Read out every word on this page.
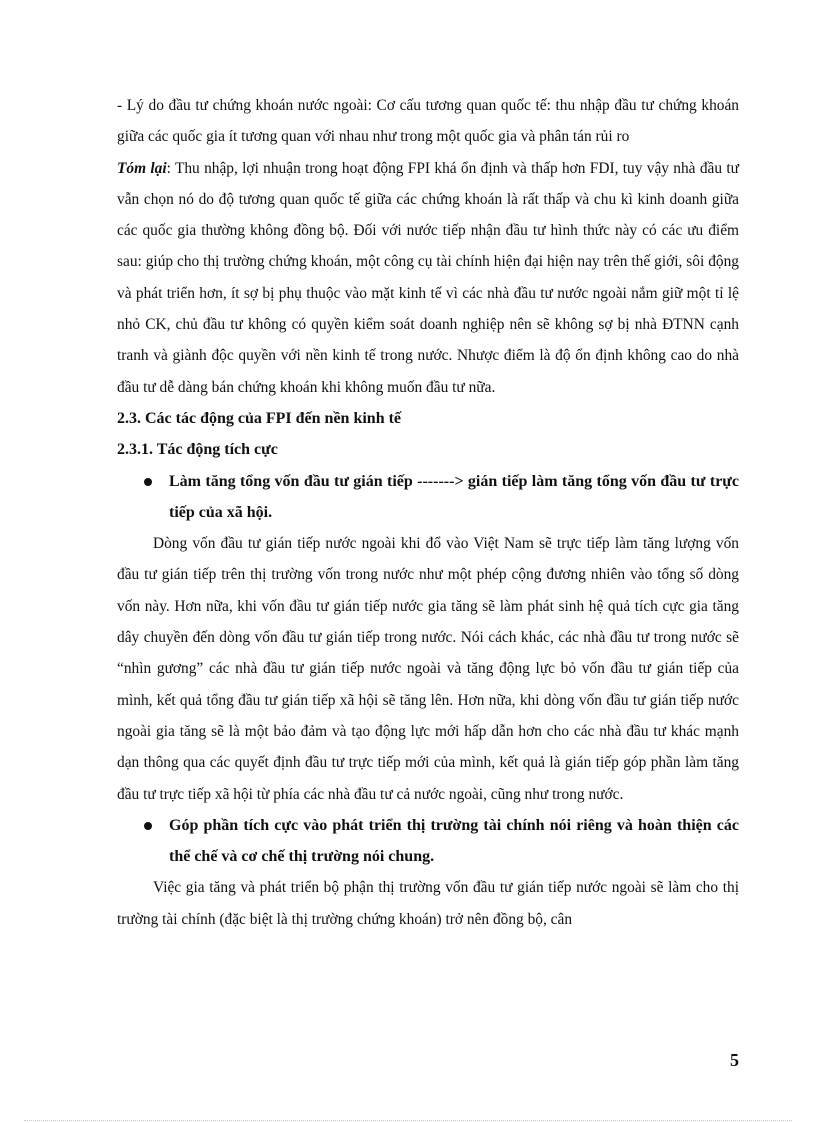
- Lý do đầu tư chứng khoán nước ngoài: Cơ cấu tương quan quốc tế: thu nhập đầu tư chứng khoán giữa các quốc gia ít tương quan với nhau như trong một quốc gia và phân tán rủi ro

Tóm lại: Thu nhập, lợi nhuận trong hoạt động FPI khá ổn định và thấp hơn FDI, tuy vậy nhà đầu tư vẫn chọn nó do độ tương quan quốc tế giữa các chứng khoán là rất thấp và chu kì kinh doanh giữa các quốc gia thường không đồng bộ. Đối với nước tiếp nhận đầu tư hình thức này có các ưu điểm sau: giúp cho thị trường chứng khoán, một công cụ tài chính hiện đại hiện nay trên thế giới, sôi động và phát triển hơn, ít sợ bị phụ thuộc vào mặt kinh tế vì các nhà đầu tư nước ngoài nắm giữ một tỉ lệ nhỏ CK, chủ đầu tư không có quyền kiểm soát doanh nghiệp nên sẽ không sợ bị nhà ĐTNN cạnh tranh và giành độc quyền với nền kinh tế trong nước. Nhược điểm là độ ổn định không cao do nhà đầu tư dễ dàng bán chứng khoán khi không muốn đầu tư nữa.

2.3. Các tác động của FPI đến nền kinh tế

2.3.1. Tác động tích cực

Làm tăng tổng vốn đầu tư gián tiếp -------> gián tiếp làm tăng tổng vốn đầu tư trực tiếp của xã hội.

Dòng vốn đầu tư gián tiếp nước ngoài khi đổ vào Việt Nam sẽ trực tiếp làm tăng lượng vốn đầu tư gián tiếp trên thị trường vốn trong nước như một phép cộng đương nhiên vào tổng số dòng vốn này. Hơn nữa, khi vốn đầu tư gián tiếp nước gia tăng sẽ làm phát sinh hệ quả tích cực gia tăng dây chuyền đến dòng vốn đầu tư gián tiếp trong nước. Nói cách khác, các nhà đầu tư trong nước sẽ “nhìn gương” các nhà đầu tư gián tiếp nước ngoài và tăng động lực bỏ vốn đầu tư gián tiếp của mình, kết quả tổng đầu tư gián tiếp xã hội sẽ tăng lên. Hơn nữa, khi dòng vốn đầu tư gián tiếp nước ngoài gia tăng sẽ là một bảo đảm và tạo động lực mới hấp dẫn hơn cho các nhà đầu tư khác mạnh dạn thông qua các quyết định đầu tư trực tiếp mới của mình, kết quả là gián tiếp góp phần làm tăng đầu tư trực tiếp xã hội từ phía các nhà đầu tư cả nước ngoài, cũng như trong nước.

Góp phần tích cực vào phát triển thị trường tài chính nói riêng và hoàn thiện các thể chế và cơ chế thị trường nói chung.

Việc gia tăng và phát triển bộ phận thị trường vốn đầu tư gián tiếp nước ngoài sẽ làm cho thị trường tài chính (đặc biệt là thị trường chứng khoán) trở nên đồng bộ, cân

5
